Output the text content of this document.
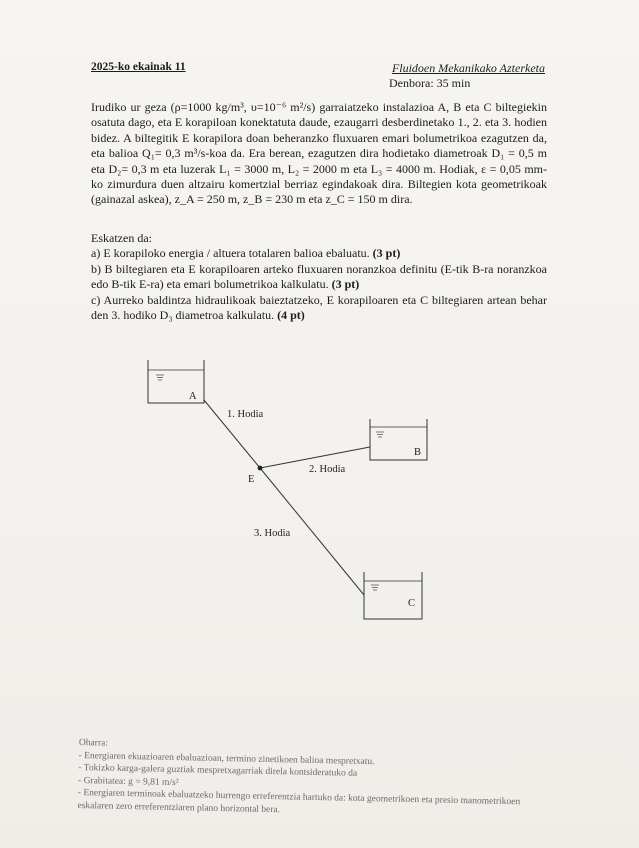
2025-ko ekainak 11	Fluidoen Mekanikako Azterketa
Denbora: 35 min

Irudiko ur geza (ρ=1000 kg/m³, υ=10⁻⁶ m²/s) garraiatzeko instalazioa A, B eta C biltegiekin osatuta dago, eta E korapiloan konektatuta daude, ezaugarri desberdinetako 1., 2. eta 3. hodien bidez. A biltegitik E korapilora doan beheranzko fluxuaren emari bolumetrikoa ezagutzen da, eta balioa Q₁= 0,3 m³/s-koa da. Era berean, ezagutzen dira hodietako diametroak D₁ = 0,5 m eta D₂= 0,3 m eta luzerak L₁ = 3000 m, L₂ = 2000 m eta L₃ = 4000 m. Hodiak, ε = 0,05 mm-ko zimurdura duen altzairu komertzial berriaz egindakoak dira. Biltegien kota geometrikoak (gainazal askea), z_A = 250 m, z_B = 230 m eta z_C = 150 m dira.

Eskatzen da:

a) E korapiloko energia / altuera totalaren balioa ebaluatu. (3 pt)

b) B biltegiaren eta E korapiloaren arteko fluxuaren noranzkoa definitu (E-tik B-ra noranzkoa edo B-tik E-ra) eta emari bolumetrikoa kalkulatu. (3 pt)

c) Aurreko baldintza hidraulikoak baieztatzeko, E korapiloaren eta C biltegiaren artean behar den 3. hodiko D₃ diametroa kalkulatu. (4 pt)

A
B
C
E
1. Hodia
2. Hodia
3. Hodia

Oharra:

- Energiaren ekuazioaren ebaluazioan, termino zinetikoen balioa mespretxatu.

- Tokizko karga-galera guztiak mespretxagarriak direla kontsideratuko da

- Grabitatea: g = 9,81 m/s²

- Energiaren terminoak ebaluatzeko hurrengo erreferentzia hartuko da: kota geometrikoen eta presio manometrikoen eskalaren zero erreferentziaren plano horizontal bera.
